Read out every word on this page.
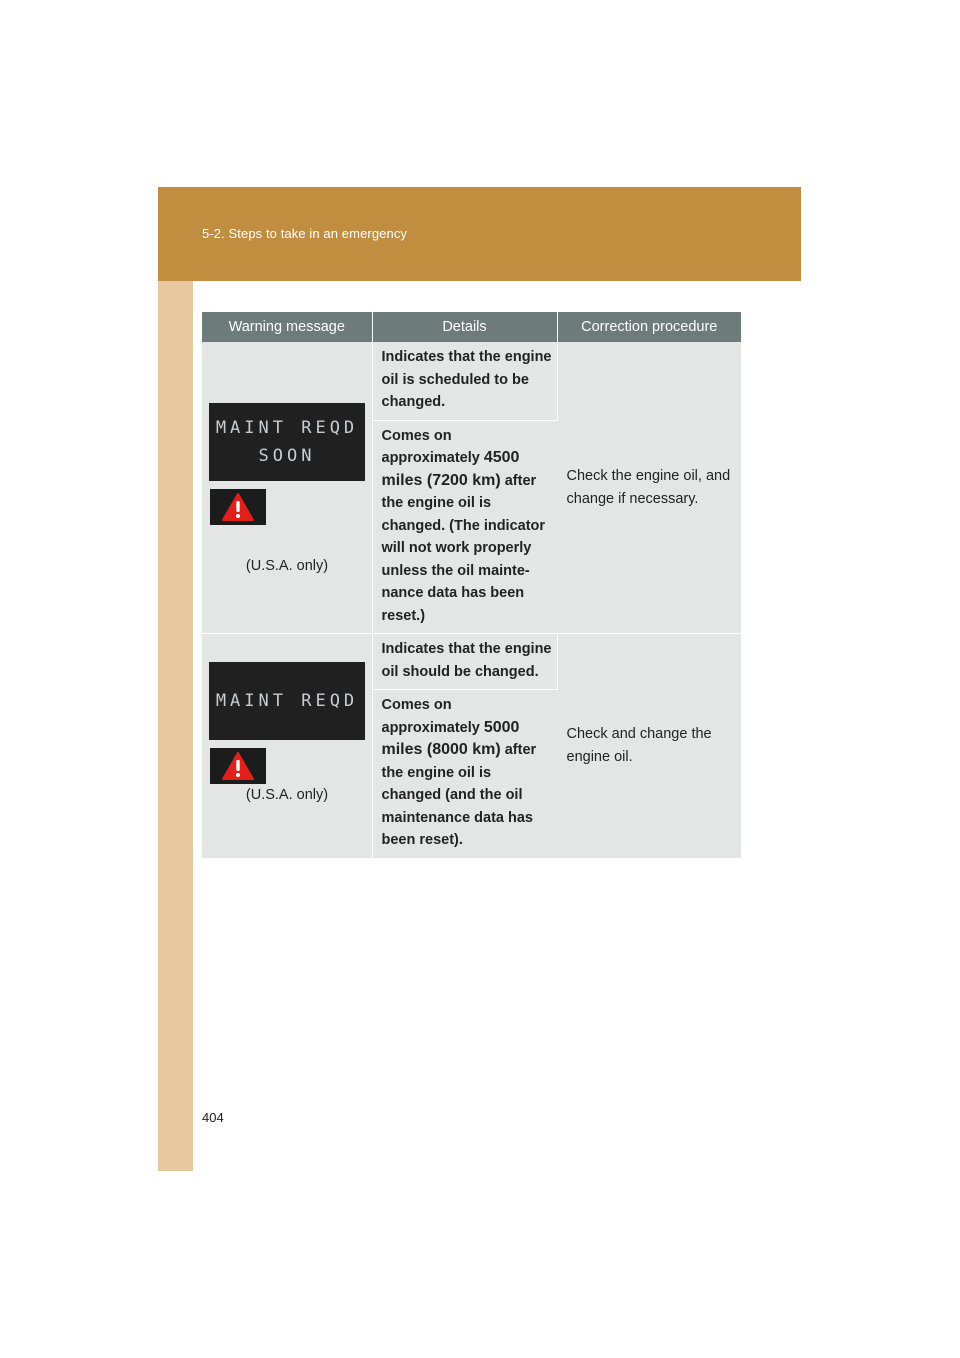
5-2. Steps to take in an emergency
Warning message	Details	Correction procedure

MAINT REQD
SOON
(U.S.A. only)	Indicates that the engine oil is scheduled to be changed.	Check the engine oil, and change if necessary.
	Comes on approximately 4500 miles (7200 km) after the engine oil is changed. (The indicator will not work properly unless the oil mainte-nance data has been reset.)	

MAINT REQD
(U.S.A. only)	Indicates that the engine oil should be changed.	Check and change the engine oil.
	Comes on approximately 5000 miles (8000 km) after the engine oil is changed (and the oil maintenance data has been reset).	
404
